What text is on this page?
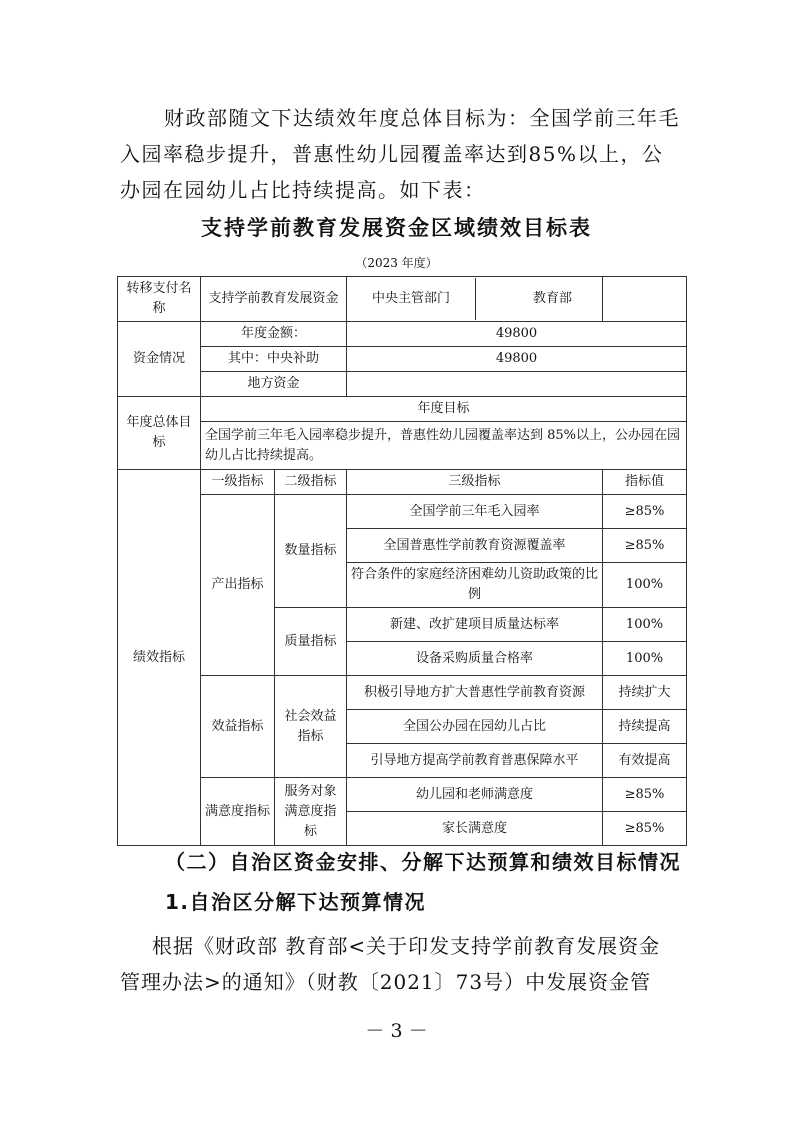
财政部随文下达绩效年度总体目标为：全国学前三年毛入园率稳步提升，普惠性幼儿园覆盖率达到85%以上，公办园在园幼儿占比持续提高。如下表：

支持学前教育发展资金区域绩效目标表

（2023 年度）

转移支付名称	支持学前教育发展资金	中央主管部门	教育部
资金情况	年度金额：	49800
其中：中央补助	49800
地方资金	
年度总体目标	年度目标
全国学前三年毛入园率稳步提升，普惠性幼儿园覆盖率达到 85%以上，公办园在园幼儿占比持续提高。
绩效指标	一级指标	二级指标	三级指标	指标值
产出指标	数量指标	全国学前三年毛入园率	≥85%
全国普惠性学前教育资源覆盖率	≥85%
符合条件的家庭经济困难幼儿资助政策的比例	100%
质量指标	新建、改扩建项目质量达标率	100%
设备采购质量合格率	100%
效益指标	社会效益指标	积极引导地方扩大普惠性学前教育资源	持续扩大
全国公办园在园幼儿占比	持续提高
引导地方提高学前教育普惠保障水平	有效提高
满意度指标	服务对象满意度指标	幼儿园和老师满意度	≥85%
家长满意度	≥85%

（二）自治区资金安排、分解下达预算和绩效目标情况

1.自治区分解下达预算情况

根据《财政部 教育部<关于印发支持学前教育发展资金管理办法>的通知》（财教〔2021〕73号）中发展资金管

－ 3 －
